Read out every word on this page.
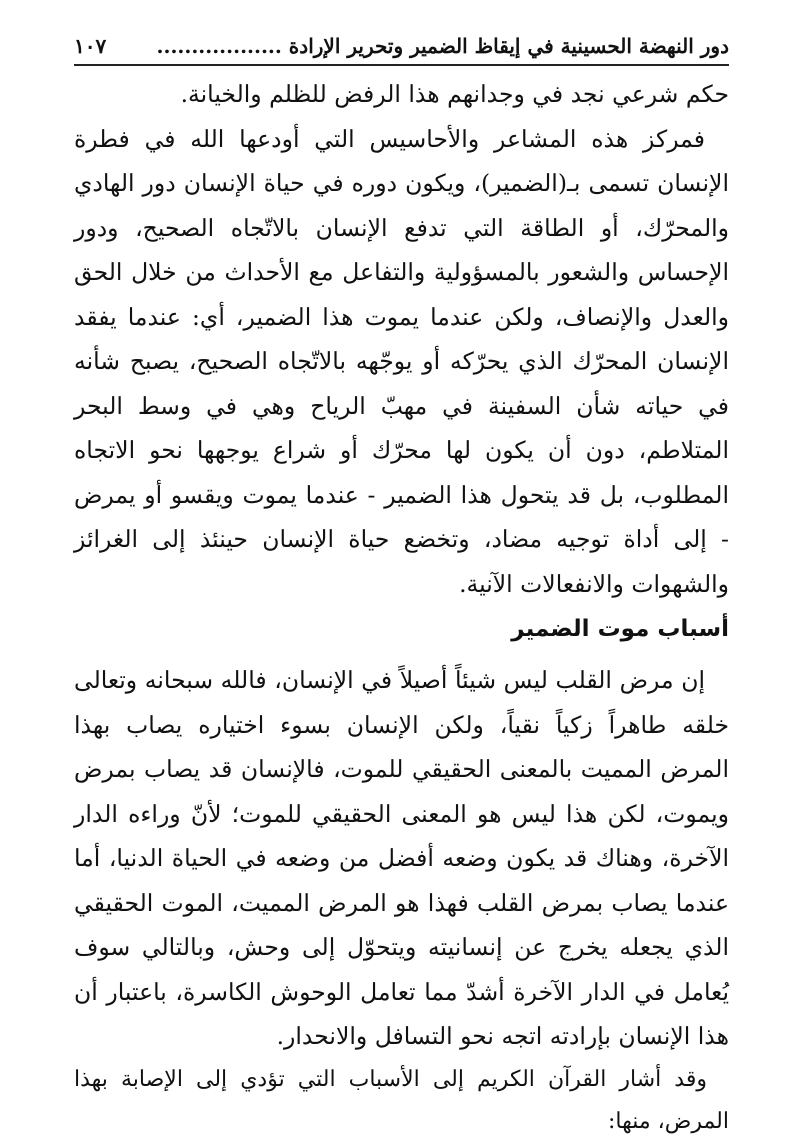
دور النهضة الحسينية في إيقاظ الضمير وتحرير الإرادة ..................
١٠٧

حكم شرعي نجد في وجدانهم هذا الرفض للظلم والخيانة.

فمركز هذه المشاعر والأحاسيس التي أودعها الله في فطرة الإنسان تسمى بـ(الضمير)، ويكون دوره في حياة الإنسان دور الهادي والمحرّك، أو الطاقة التي تدفع الإنسان بالاتّجاه الصحيح، ودور الإحساس والشعور بالمسؤولية والتفاعل مع الأحداث من خلال الحق والعدل والإنصاف، ولكن عندما يموت هذا الضمير، أي: عندما يفقد الإنسان المحرّك الذي يحرّكه أو يوجّهه بالاتّجاه الصحيح، يصبح شأنه في حياته شأن السفينة في مهبّ الرياح وهي في وسط البحر المتلاطم، دون أن يكون لها محرّك أو شراع يوجهها نحو الاتجاه المطلوب، بل قد يتحول هذا الضمير - عندما يموت ويقسو أو يمرض - إلى أداة توجيه مضاد، وتخضع حياة الإنسان حينئذ إلى الغرائز والشهوات والانفعالات الآنية.

أسباب موت الضمير

إن مرض القلب ليس شيئاً أصيلاً في الإنسان، فالله سبحانه وتعالى خلقه طاهراً زكياً نقياً، ولكن الإنسان بسوء اختياره يصاب بهذا المرض المميت بالمعنى الحقيقي للموت، فالإنسان قد يصاب بمرض ويموت، لكن هذا ليس هو المعنى الحقيقي للموت؛ لأنّ وراءه الدار الآخرة، وهناك قد يكون وضعه أفضل من وضعه في الحياة الدنيا، أما عندما يصاب بمرض القلب فهذا هو المرض المميت، الموت الحقيقي الذي يجعله يخرج عن إنسانيته ويتحوّل إلى وحش، وبالتالي سوف يُعامل في الدار الآخرة أشدّ مما تعامل الوحوش الكاسرة، باعتبار أن هذا الإنسان بإرادته اتجه نحو التسافل والانحدار.

وقد أشار القرآن الكريم إلى الأسباب التي تؤدي إلى الإصابة بهذا المرض، منها:
